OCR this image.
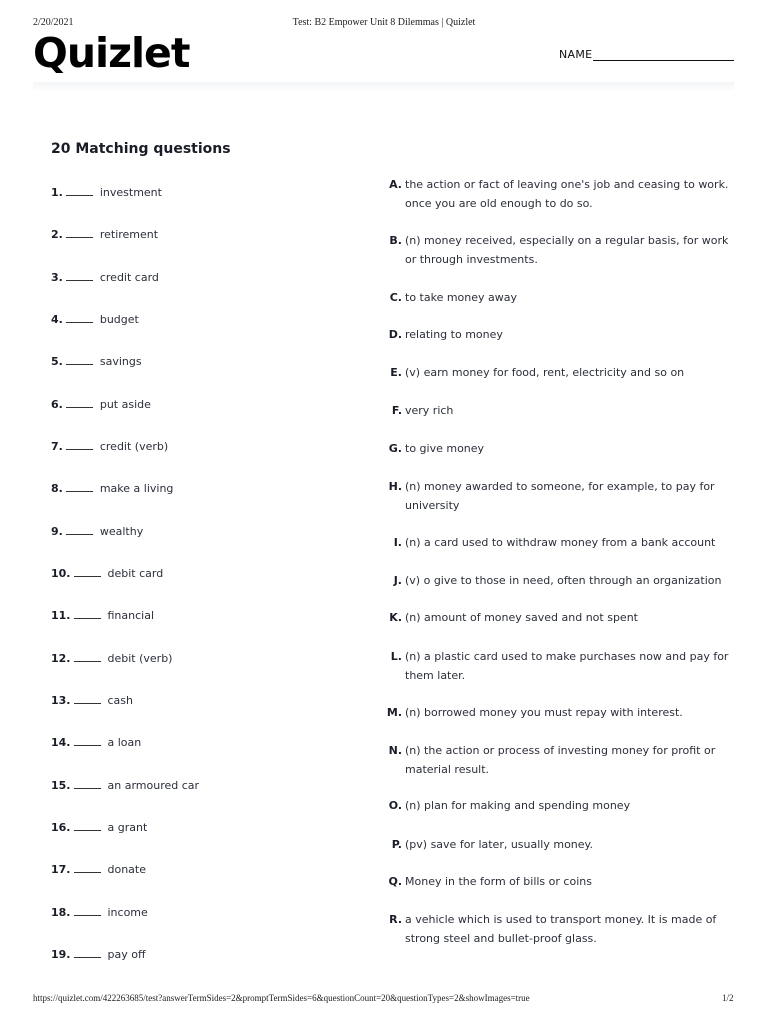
2/20/2021	Test: B2 Empower Unit 8 Dilemmas | Quizlet
Quizlet	NAME
20 Matching questions
1.	investment
2.	retirement
3.	credit card
4.	budget
5.	savings
6.	put aside
7.	credit (verb)
8.	make a living
9.	wealthy
10.	debit card
11.	financial
12.	debit (verb)
13.	cash
14.	a loan
15.	an armoured car
16.	a grant
17.	donate
18.	income
19.	pay off
A. the action or fact of leaving one's job and ceasing to work. once you are old enough to do so.
B. (n) money received, especially on a regular basis, for work or through investments.
C. to take money away
D. relating to money
E. (v) earn money for food, rent, electricity and so on
F. very rich
G. to give money
H. (n) money awarded to someone, for example, to pay for university
I. (n) a card used to withdraw money from a bank account
J. (v) o give to those in need, often through an organization
K. (n) amount of money saved and not spent
L. (n) a plastic card used to make purchases now and pay for them later.
M. (n) borrowed money you must repay with interest.
N. (n) the action or process of investing money for profit or material result.
O. (n) plan for making and spending money
P. (pv) save for later, usually money.
Q. Money in the form of bills or coins
R. a vehicle which is used to transport money. It is made of strong steel and bullet-proof glass.
https://quizlet.com/422263685/test?answerTermSides=2&promptTermSides=6&questionCount=20&questionTypes=2&showImages=true	1/2
